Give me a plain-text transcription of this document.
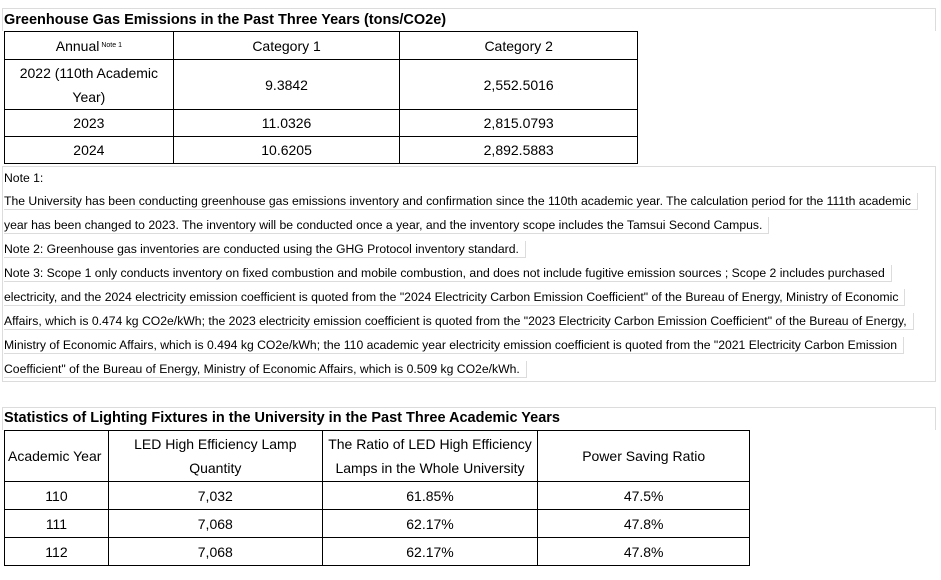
Greenhouse Gas Emissions in the Past Three Years (tons/CO2e)
Annual $^{Note 1}$	Category 1	Category 2
2022 (110th Academic Year)	9.3842	2,552.5016
2023	11.0326	2,815.0793
2024	10.6205	2,892.5883
Note 1:
The University has been conducting greenhouse gas emissions inventory and confirmation since the 110th academic year. The calculation period for the 111th academic
year has been changed to 2023. The inventory will be conducted once a year, and the inventory scope includes the Tamsui Second Campus.
Note 2: Greenhouse gas inventories are conducted using the GHG Protocol inventory standard.
Note 3: Scope 1 only conducts inventory on fixed combustion and mobile combustion, and does not include fugitive emission sources ; Scope 2 includes purchased
electricity, and the 2024 electricity emission coefficient is quoted from the "2024 Electricity Carbon Emission Coefficient" of the Bureau of Energy, Ministry of Economic
Affairs, which is 0.474 kg CO2e/kWh; the 2023 electricity emission coefficient is quoted from the "2023 Electricity Carbon Emission Coefficient" of the Bureau of Energy,
Ministry of Economic Affairs, which is 0.494 kg CO2e/kWh; the 110 academic year electricity emission coefficient is quoted from the "2021 Electricity Carbon Emission
Coefficient" of the Bureau of Energy, Ministry of Economic Affairs, which is 0.509 kg CO2e/kWh.
Statistics of Lighting Fixtures in the University in the Past Three Academic Years
Academic Year	LED High Efficiency Lamp Quantity	The Ratio of LED High Efficiency Lamps in the Whole University	Power Saving Ratio
110	7,032	61.85%	47.5%
111	7,068	62.17%	47.8%
112	7,068	62.17%	47.8%
